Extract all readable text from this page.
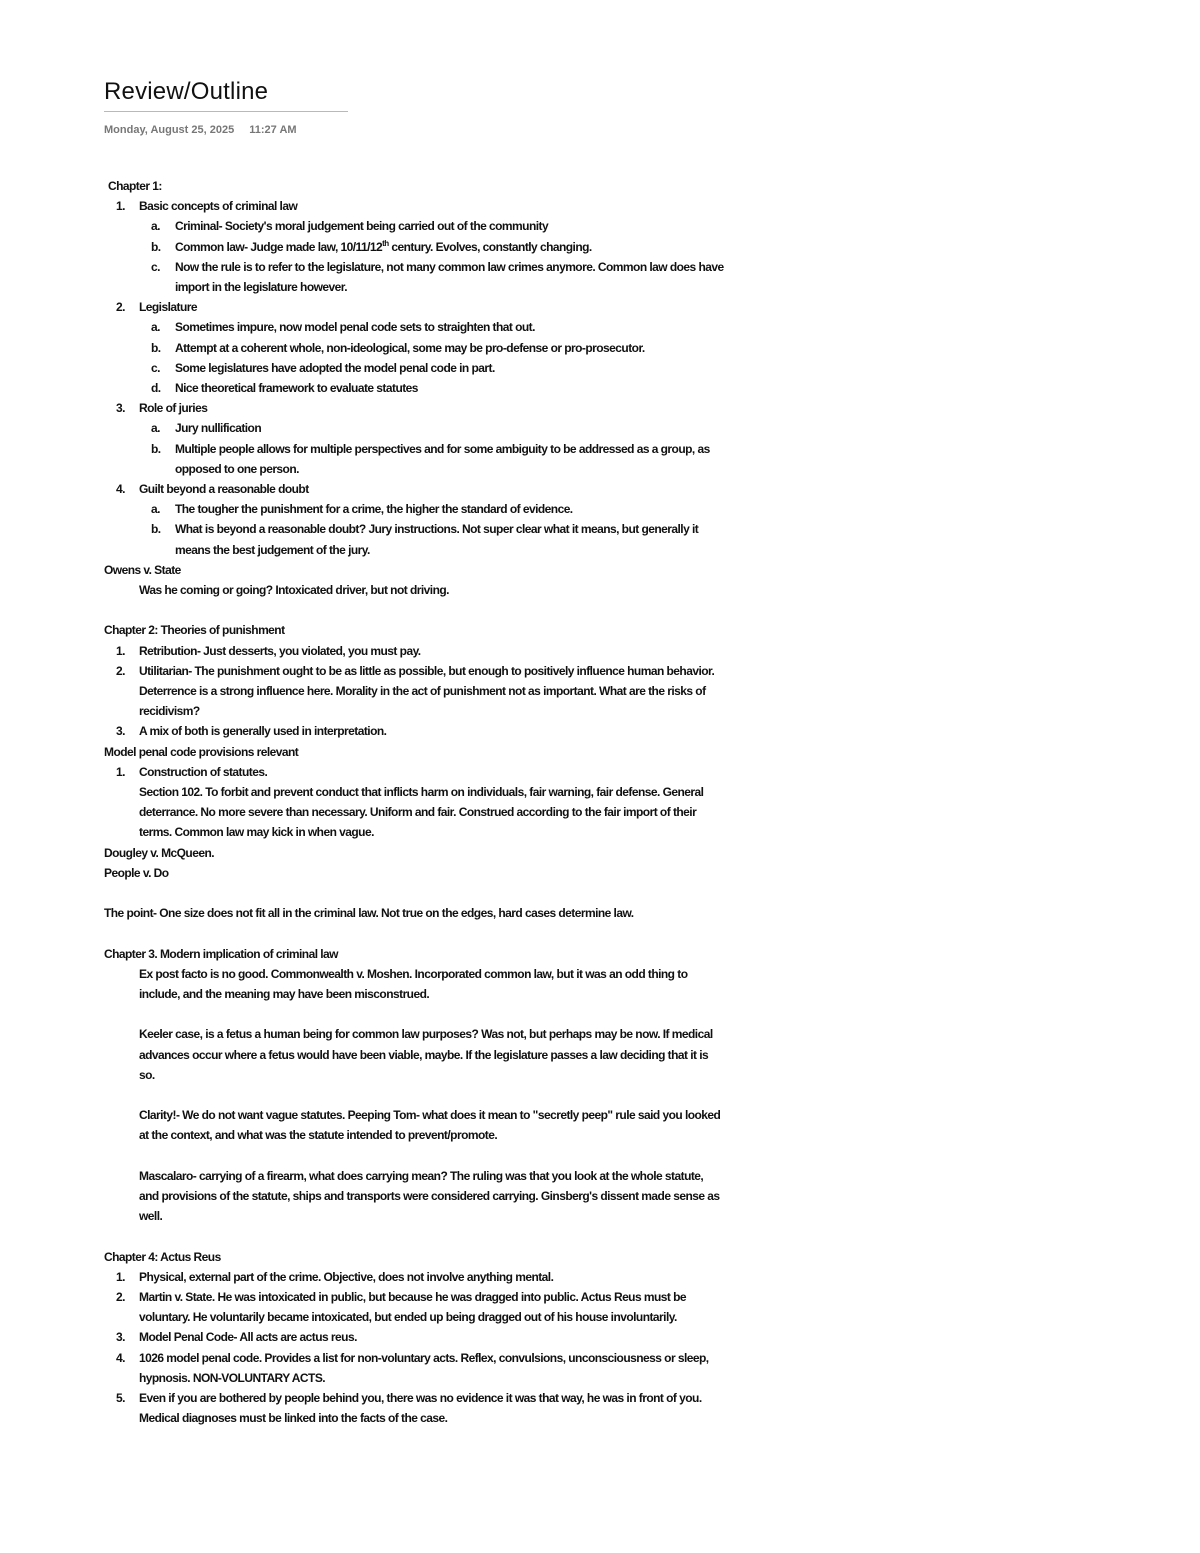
Review/Outline
Monday, August 25, 2025 11:27 AM
Chapter 1:
1. Basic concepts of criminal law
a. Criminal- Society's moral judgement being carried out of the community
b. Common law- Judge made law, 10/11/12th century. Evolves, constantly changing.
c. Now the rule is to refer to the legislature, not many common law crimes anymore. Common law does have import in the legislature however.
2. Legislature
a. Sometimes impure, now model penal code sets to straighten that out.
b. Attempt at a coherent whole, non-ideological, some may be pro-defense or pro-prosecutor.
c. Some legislatures have adopted the model penal code in part.
d. Nice theoretical framework to evaluate statutes
3. Role of juries
a. Jury nullification
b. Multiple people allows for multiple perspectives and for some ambiguity to be addressed as a group, as opposed to one person.
4. Guilt beyond a reasonable doubt
a. The tougher the punishment for a crime, the higher the standard of evidence.
b. What is beyond a reasonable doubt? Jury instructions. Not super clear what it means, but generally it means the best judgement of the jury.
Owens v. State
Was he coming or going? Intoxicated driver, but not driving.
Chapter 2: Theories of punishment
1. Retribution- Just desserts, you violated, you must pay.
2. Utilitarian- The punishment ought to be as little as possible, but enough to positively influence human behavior. Deterrence is a strong influence here. Morality in the act of punishment not as important. What are the risks of recidivism?
3. A mix of both is generally used in interpretation.
Model penal code provisions relevant
1. Construction of statutes.
Section 102. To forbit and prevent conduct that inflicts harm on individuals, fair warning, fair defense. General deterrance. No more severe than necessary. Uniform and fair. Construed according to the fair import of their terms. Common law may kick in when vague.
Dougley v. McQueen.
People v. Do
The point- One size does not fit all in the criminal law. Not true on the edges, hard cases determine law.
Chapter 3. Modern implication of criminal law
Ex post facto is no good. Commonwealth v. Moshen. Incorporated common law, but it was an odd thing to include, and the meaning may have been misconstrued.
Keeler case, is a fetus a human being for common law purposes? Was not, but perhaps may be now. If medical advances occur where a fetus would have been viable, maybe. If the legislature passes a law deciding that it is so.
Clarity!- We do not want vague statutes. Peeping Tom- what does it mean to "secretly peep" rule said you looked at the context, and what was the statute intended to prevent/promote.
Mascalaro- carrying of a firearm, what does carrying mean? The ruling was that you look at the whole statute, and provisions of the statute, ships and transports were considered carrying. Ginsberg's dissent made sense as well.
Chapter 4: Actus Reus
1. Physical, external part of the crime. Objective, does not involve anything mental.
2. Martin v. State. He was intoxicated in public, but because he was dragged into public. Actus Reus must be voluntary. He voluntarily became intoxicated, but ended up being dragged out of his house involuntarily.
3. Model Penal Code- All acts are actus reus.
4. 1026 model penal code. Provides a list for non-voluntary acts. Reflex, convulsions, unconsciousness or sleep, hypnosis. NON-VOLUNTARY ACTS.
5. Even if you are bothered by people behind you, there was no evidence it was that way, he was in front of you. Medical diagnoses must be linked into the facts of the case.
